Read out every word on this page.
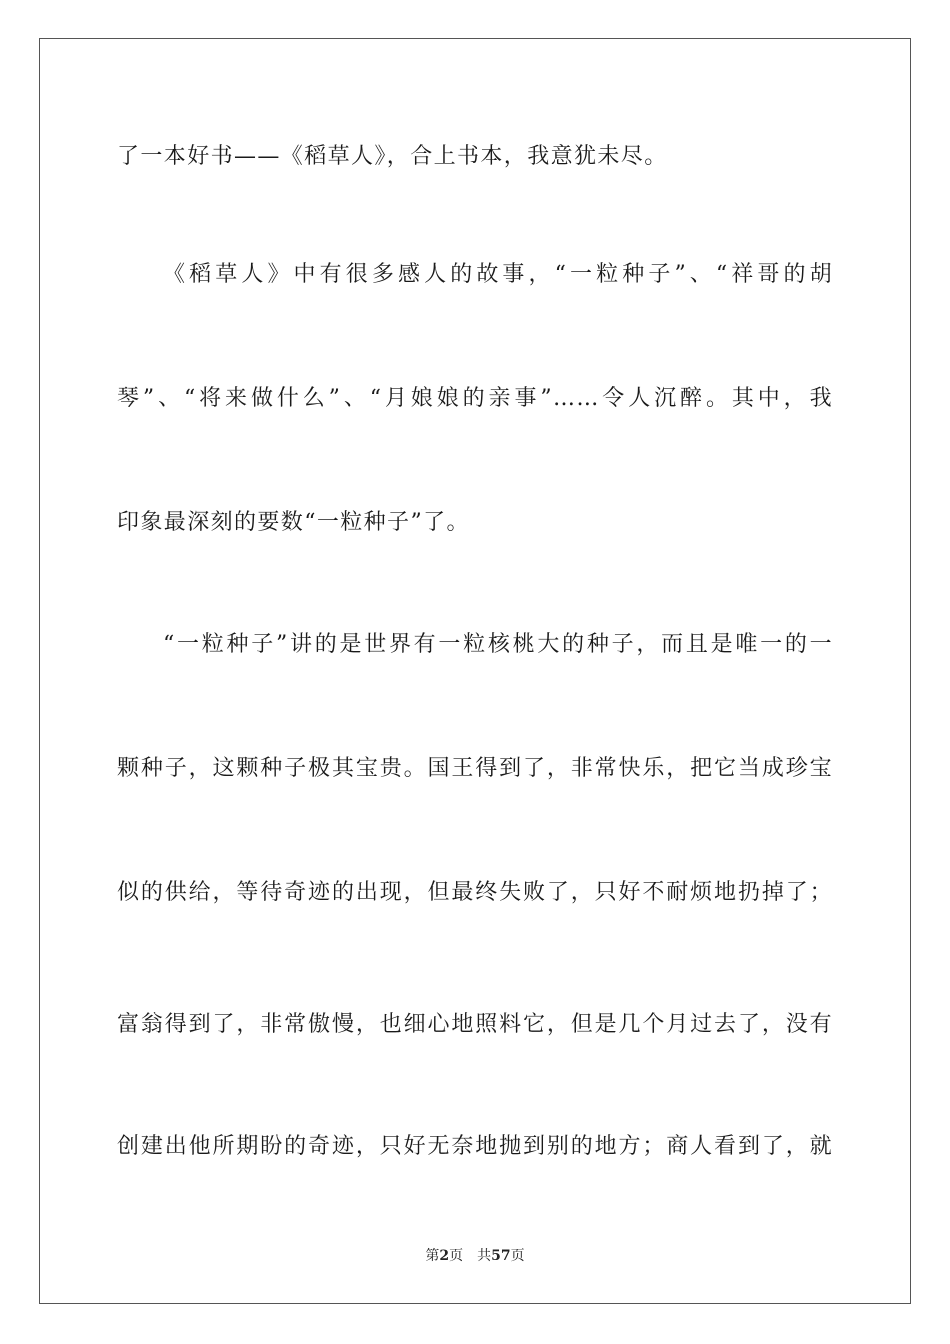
了一本好书——《稻草人》，合上书本，我意犹未尽。
《稻草人》中有很多感人的故事，“一粒种子”、“祥哥的胡
琴”、“将来做什么”、“月娘娘的亲事”……令人沉醉。其中，我
印象最深刻的要数“一粒种子”了。
“一粒种子”讲的是世界有一粒核桃大的种子，而且是唯一的一
颗种子，这颗种子极其宝贵。国王得到了，非常快乐，把它当成珍宝
似的供给，等待奇迹的出现，但最终失败了，只好不耐烦地扔掉了；
富翁得到了，非常傲慢，也细心地照料它，但是几个月过去了，没有
创建出他所期盼的奇迹，只好无奈地抛到别的地方；商人看到了，就
第2页 共57页
